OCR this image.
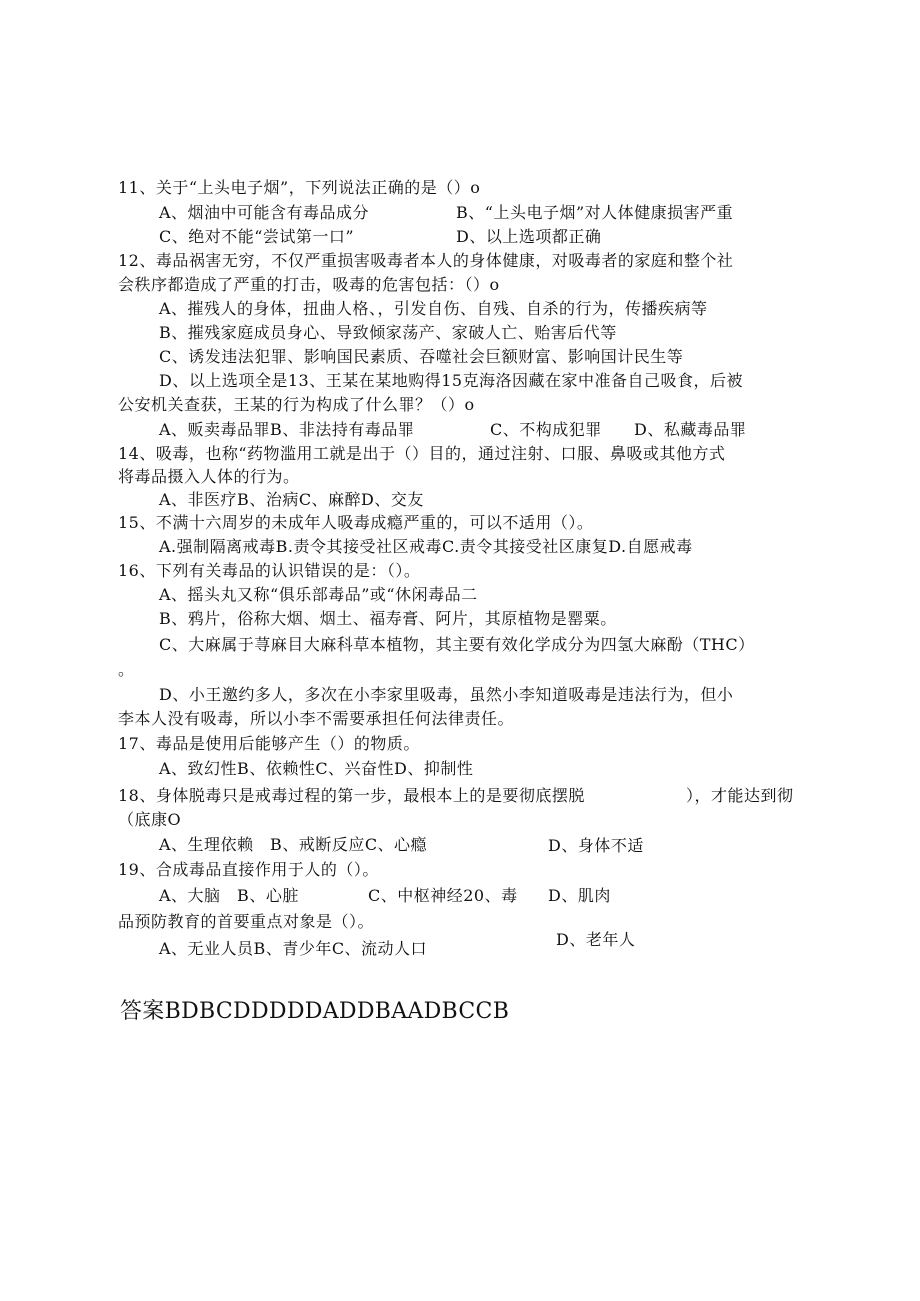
11、关于“上头电子烟”，下列说法正确的是（）o
A、烟油中可能含有毒品成分	B、“上头电子烟”对人体健康损害严重
C、绝对不能“尝试第一口”	D、以上选项都正确
12、毒品祸害无穷，不仅严重损害吸毒者本人的身体健康，对吸毒者的家庭和整个社
会秩序都造成了严重的打击，吸毒的危害包括：（）o
A、摧残人的身体，扭曲人格、，引发自伤、自残、自杀的行为，传播疾病等
B、摧残家庭成员身心、导致倾家荡产、家破人亡、贻害后代等
C、诱发违法犯罪、影响国民素质、吞噬社会巨额财富、影响国计民生等
D、以上选项全是13、王某在某地购得15克海洛因藏在家中准备自己吸食，后被
公安机关查获，王某的行为构成了什么罪？（）o
A、贩卖毒品罪B、非法持有毒品罪	C、不构成犯罪 D、私藏毒品罪
14、吸毒，也称“药物滥用工就是出于（）目的，通过注射、口服、鼻吸或其他方式
将毒品摄入人体的行为。
A、非医疗B、治病C、麻醉D、交友
15、不满十六周岁的未成年人吸毒成瘾严重的，可以不适用（）。
A.强制隔离戒毒B.责令其接受社区戒毒C.责令其接受社区康复D.自愿戒毒
16、下列有关毒品的认识错误的是：（）。
A、摇头丸又称“俱乐部毒品”或“休闲毒品二
B、鸦片，俗称大烟、烟土、福寿膏、阿片，其原植物是罂粟。
C、大麻属于荨麻目大麻科草本植物，其主要有效化学成分为四氢大麻酚（THC）
。
D、小王邀约多人，多次在小李家里吸毒，虽然小李知道吸毒是违法行为，但小
李本人没有吸毒，所以小李不需要承担任何法律责任。
17、毒品是使用后能够产生（）的物质。
A、致幻性B、依赖性C、兴奋性D、抑制性
18、身体脱毒只是戒毒过程的第一步，最根本上的是要彻底摆脱	），才能达到彻
（底康O
A、生理依赖　B、戒断反应C、心瘾	D、身体不适
19、合成毒品直接作用于人的（）。
A、大脑　B、心脏	C、中枢神经20、毒 D、肌肉
品预防教育的首要重点对象是（）。
D、老年人
A、无业人员B、青少年C、流动人口
答案BDBCDDDDDADDBAADBCCB
